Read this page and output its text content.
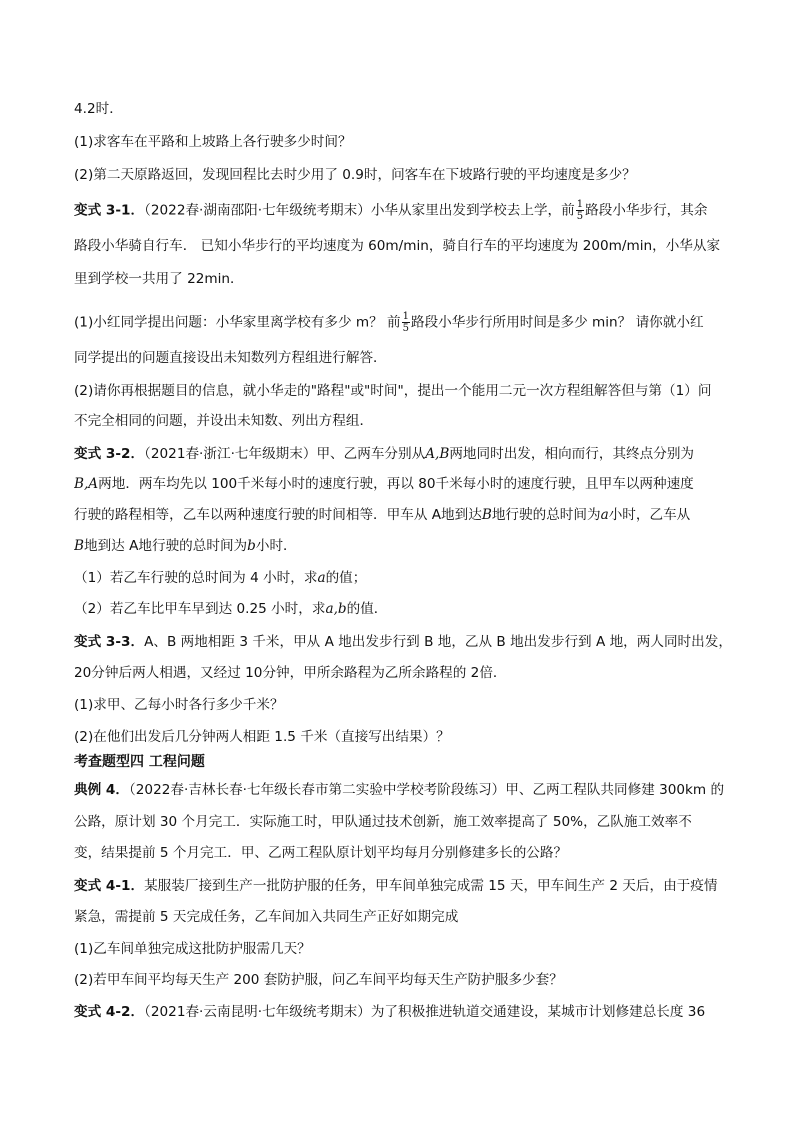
4.2时．
(1)求客车在平路和上坡路上各行驶多少时间？
(2)第二天原路返回，发现回程比去时少用了 0.9时，问客车在下坡路行驶的平均速度是多少？
变式 3-1．（2022春·湖南邵阳·七年级统考期末）小华从家里出发到学校去上学，前 $\frac{1}{5}$ 路段小华步行，其余
路段小华骑自行车． 已知小华步行的平均速度为 60m/min，骑自行车的平均速度为 200m/min，小华从家
里到学校一共用了 22min．
(1)小红同学提出问题：小华家里离学校有多少 m？ 前 $\frac{1}{5}$ 路段小华步行所用时间是多少 min？ 请你就小红
同学提出的问题直接设出未知数列方程组进行解答．
(2)请你再根据题目的信息，就小华走的"路程"或"时间"，提出一个能用二元一次方程组解答但与第（1）问
不完全相同的问题，并设出未知数、列出方程组．
变式 3-2．（2021春·浙江·七年级期末）甲、乙两车分别从A,B两地同时出发，相向而行，其终点分别为
B,A两地．两车均先以 100千米每小时的速度行驶，再以 80千米每小时的速度行驶，且甲车以两种速度
行驶的路程相等，乙车以两种速度行驶的时间相等．甲车从 A地到达B地行驶的总时间为a小时，乙车从
B地到达 A地行驶的总时间为b小时．
（1）若乙车行驶的总时间为 4 小时，求a的值；
（2）若乙车比甲车早到达 0.25 小时，求a,b的值．
变式 3-3．A、B 两地相距 3 千米，甲从 A 地出发步行到 B 地，乙从 B 地出发步行到 A 地，两人同时出发，
20分钟后两人相遇，又经过 10分钟，甲所余路程为乙所余路程的 2倍．
(1)求甲、乙每小时各行多少千米？
(2)在他们出发后几分钟两人相距 1.5 千米（直接写出结果）？
考查题型四 工程问题
典例 4．（2022春·吉林长春·七年级长春市第二实验中学校考阶段练习）甲、乙两工程队共同修建 300km 的
公路，原计划 30 个月完工．实际施工时，甲队通过技术创新，施工效率提高了 50%，乙队施工效率不
变，结果提前 5 个月完工．甲、乙两工程队原计划平均每月分别修建多长的公路？
变式 4-1．某服装厂接到生产一批防护服的任务，甲车间单独完成需 15 天，甲车间生产 2 天后，由于疫情
紧急，需提前 5 天完成任务，乙车间加入共同生产正好如期完成
(1)乙车间单独完成这批防护服需几天？
(2)若甲车间平均每天生产 200 套防护服，问乙车间平均每天生产防护服多少套？
变式 4-2．（2021春·云南昆明·七年级统考期末）为了积极推进轨道交通建设，某城市计划修建总长度 36
